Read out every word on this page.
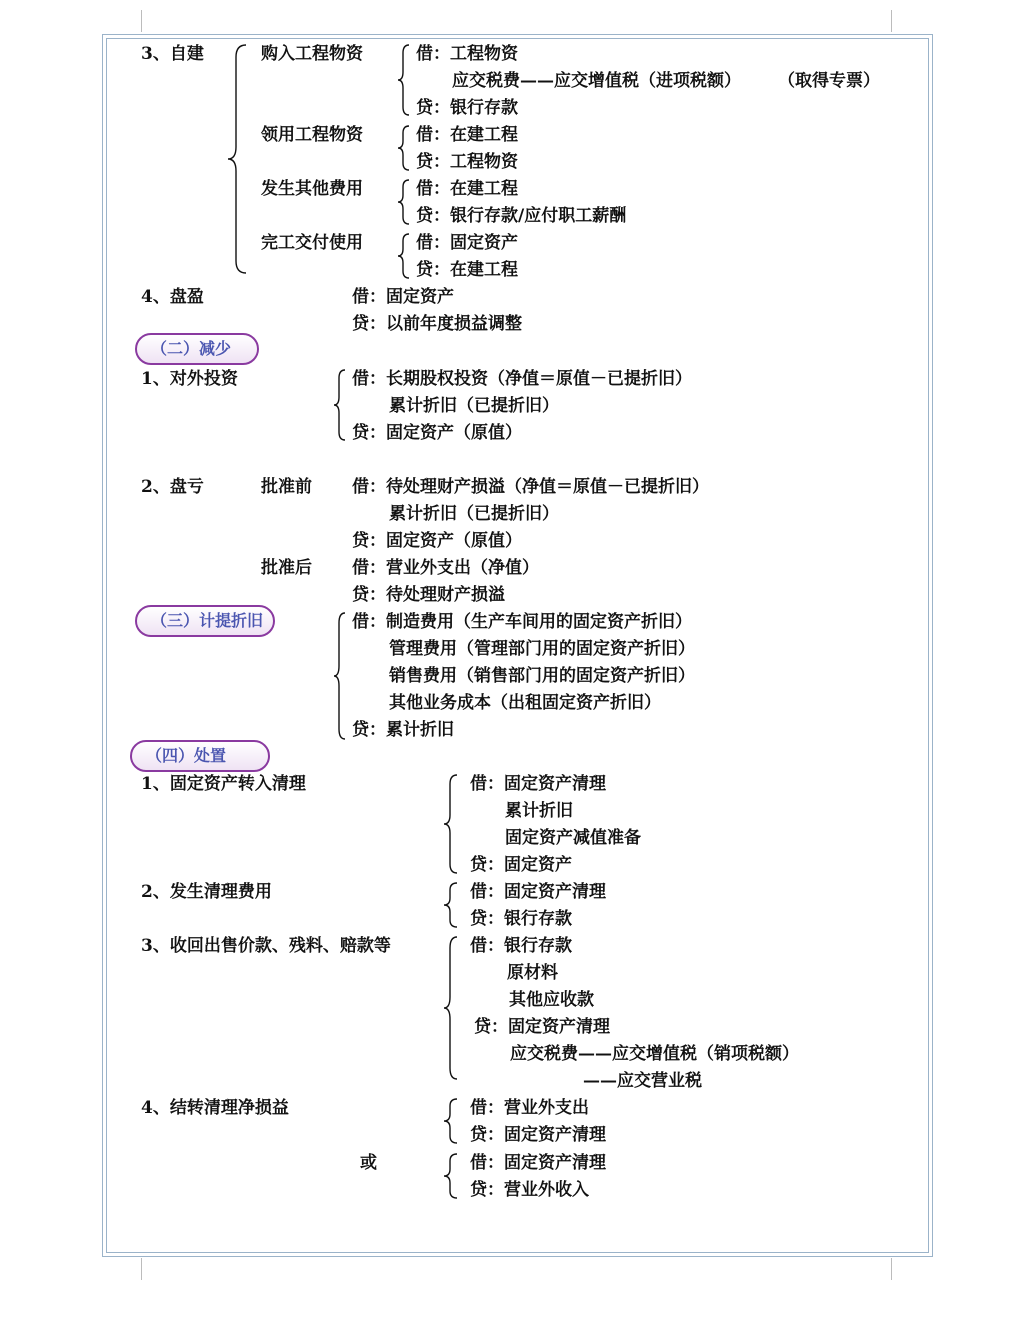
3、自建	购入工程物资	借：工程物资
应交税费——应交增值税（进项税额） （取得专票）
贷：银行存款
领用工程物资	借：在建工程
贷：工程物资
发生其他费用	借：在建工程
贷：银行存款/应付职工薪酬
完工交付使用	借：固定资产
贷：在建工程
4、盘盈	借：固定资产
贷：以前年度损益调整
（二）减少
1、对外投资	借：长期股权投资（净值＝原值－已提折旧）
累计折旧（已提折旧）
贷：固定资产（原值）
2、盘亏	批准前 借：待处理财产损溢（净值＝原值－已提折旧）
累计折旧（已提折旧）
贷：固定资产（原值）
批准后 借：营业外支出（净值）
贷：待处理财产损溢
（三）计提折旧	借：制造费用（生产车间用的固定资产折旧）
管理费用（管理部门用的固定资产折旧）
销售费用（销售部门用的固定资产折旧）
其他业务成本（出租固定资产折旧）
贷：累计折旧
（四）处置
1、固定资产转入清理	借：固定资产清理
累计折旧
固定资产减值准备
贷：固定资产
2、发生清理费用	借：固定资产清理
贷：银行存款
3、收回出售价款、残料、赔款等	借：银行存款
原材料
其他应收款
贷：固定资产清理
应交税费——应交增值税（销项税额）
——应交营业税
4、结转清理净损益	借：营业外支出
贷：固定资产清理
或	借：固定资产清理
贷：营业外收入
